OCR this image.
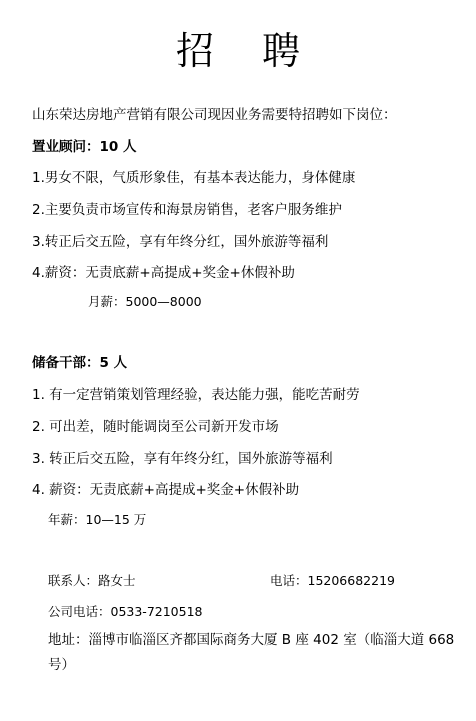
招 聘
山东荣达房地产营销有限公司现因业务需要特招聘如下岗位：
置业顾问：10 人
1.男女不限，气质形象佳，有基本表达能力，身体健康
2.主要负责市场宣传和海景房销售，老客户服务维护
3.转正后交五险，享有年终分红，国外旅游等福利
4.薪资：无责底薪+高提成+奖金+休假补助
月薪：5000—8000
储备干部：5 人
1. 有一定营销策划管理经验，表达能力强，能吃苦耐劳
2. 可出差，随时能调岗至公司新开发市场
3. 转正后交五险，享有年终分红，国外旅游等福利
4. 薪资：无责底薪+高提成+奖金+休假补助
年薪：10—15 万
联系人：路女士	电话：15206682219
公司电话：0533-7210518
地址：淄博市临淄区齐都国际商务大厦 B 座 402 室（临淄大道 668
号）
